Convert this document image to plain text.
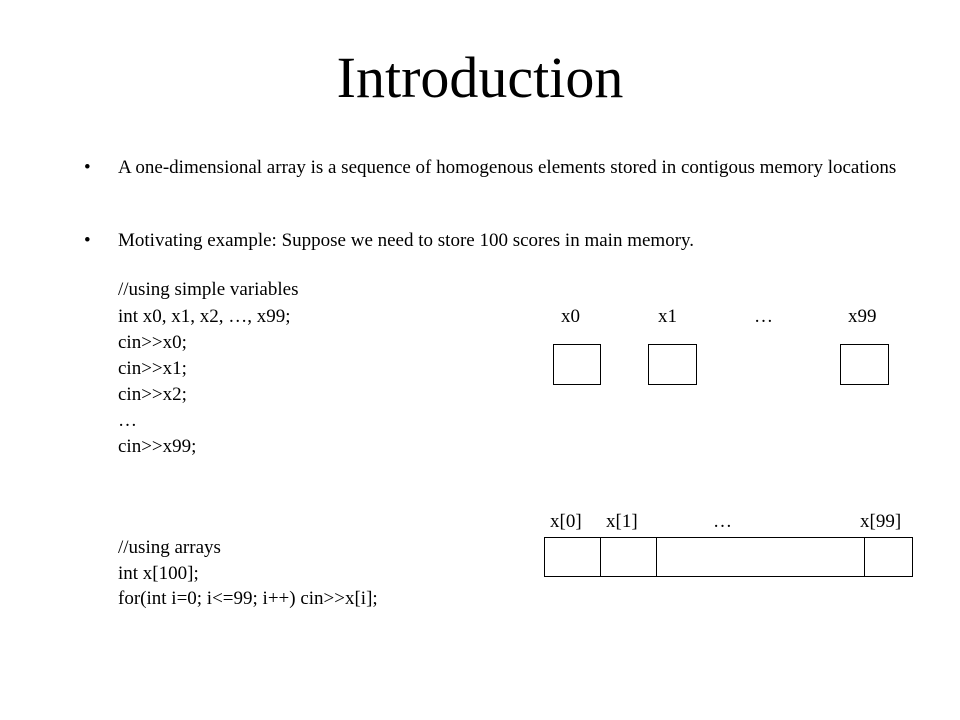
Introduction
• A one-dimensional array is a sequence of homogenous elements stored in contigous memory locations
• Motivating example: Suppose we need to store 100 scores in main memory.
//using simple variables
int x0, x1, x2, …, x99;
cin>>x0;
cin>>x1;
cin>>x2;
…
cin>>x99;
x0	x1	…	x99
//using arrays
int x[100];
for(int i=0; i<=99; i++) cin>>x[i];
x[0] x[1]	…	x[99]
